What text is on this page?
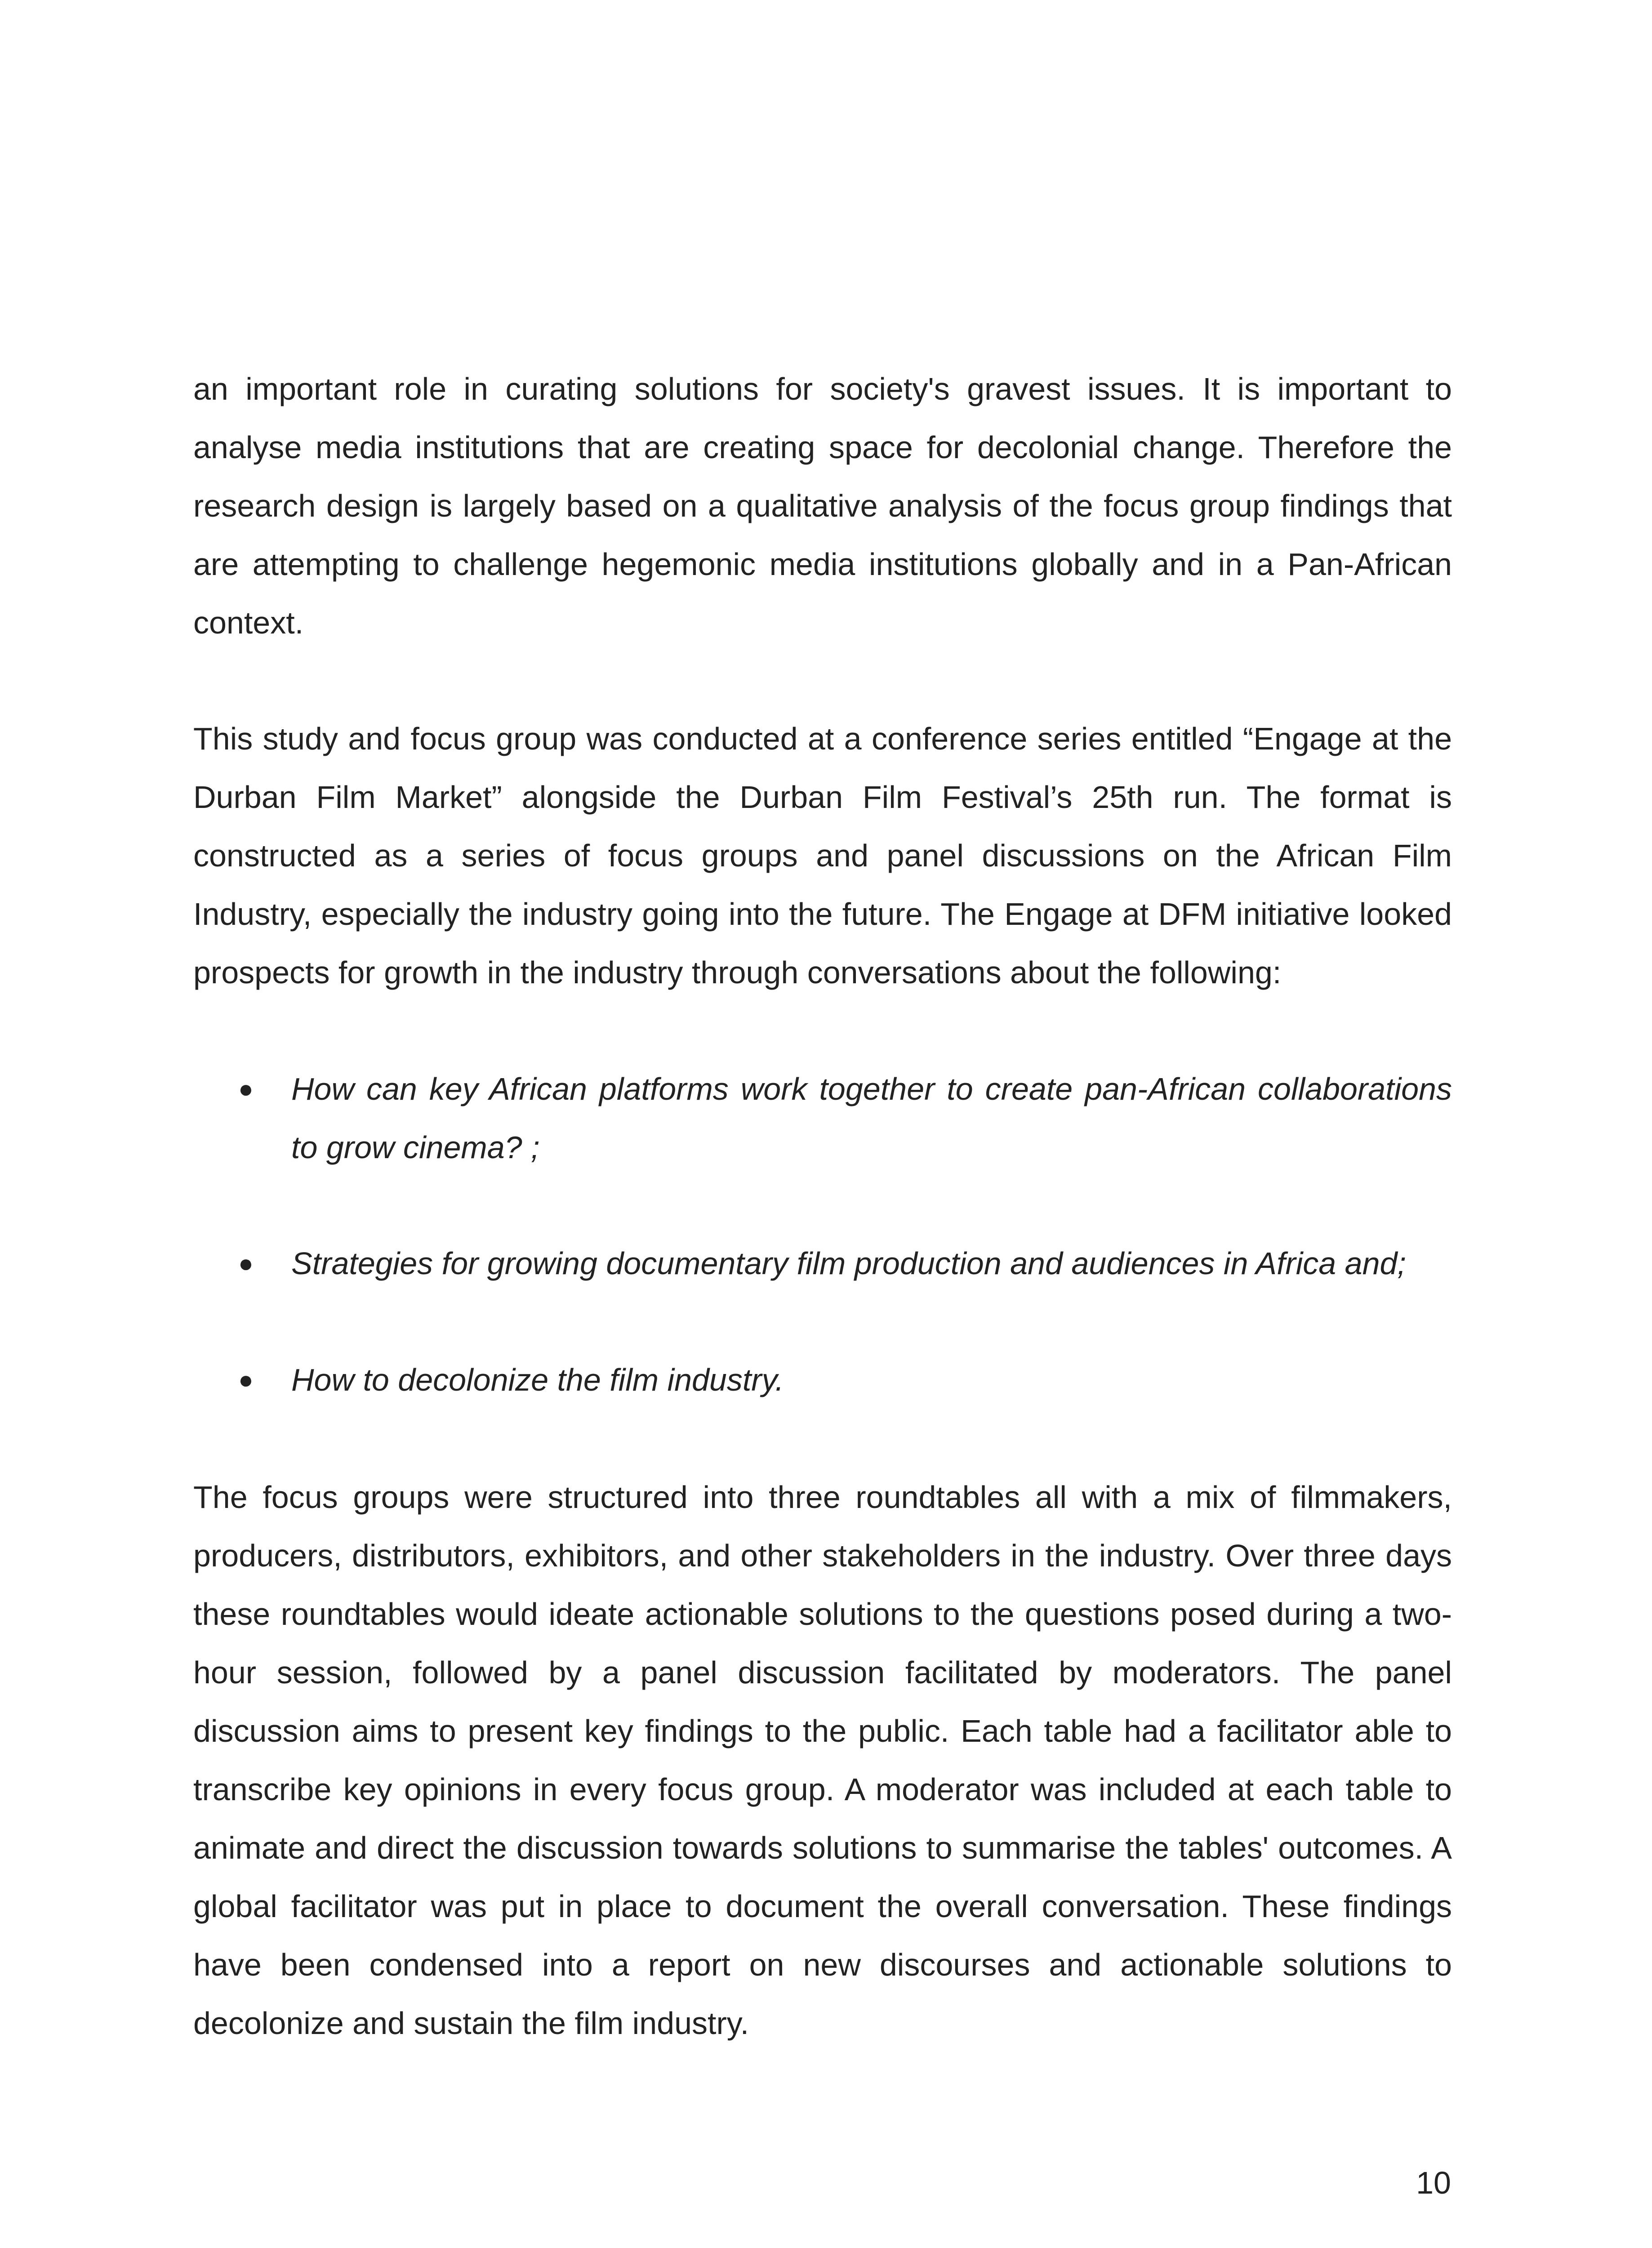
an important role in curating solutions for society's gravest issues. It is important to analyse media institutions that are creating space for decolonial change. Therefore the research design is largely based on a qualitative analysis of the focus group findings that are attempting to challenge hegemonic media institutions globally and in a Pan-African context.

This study and focus group was conducted at a conference series entitled “Engage at the Durban Film Market” alongside the Durban Film Festival’s 25th run. The format is constructed as a series of focus groups and panel discussions on the African Film Industry, especially the industry going into the future. The Engage at DFM initiative looked prospects for growth in the industry through conversations about the following:

● How can key African platforms work together to create pan-African collaborations to grow cinema? ;
● Strategies for growing documentary film production and audiences in Africa and;
● How to decolonize the film industry.

The focus groups were structured into three roundtables all with a mix of filmmakers, producers, distributors, exhibitors, and other stakeholders in the industry. Over three days these roundtables would ideate actionable solutions to the questions posed during a two-hour session, followed by a panel discussion facilitated by moderators. The panel discussion aims to present key findings to the public. Each table had a facilitator able to transcribe key opinions in every focus group. A moderator was included at each table to animate and direct the discussion towards solutions to summarise the tables' outcomes. A global facilitator was put in place to document the overall conversation. These findings have been condensed into a report on new discourses and actionable solutions to decolonize and sustain the film industry.

10
